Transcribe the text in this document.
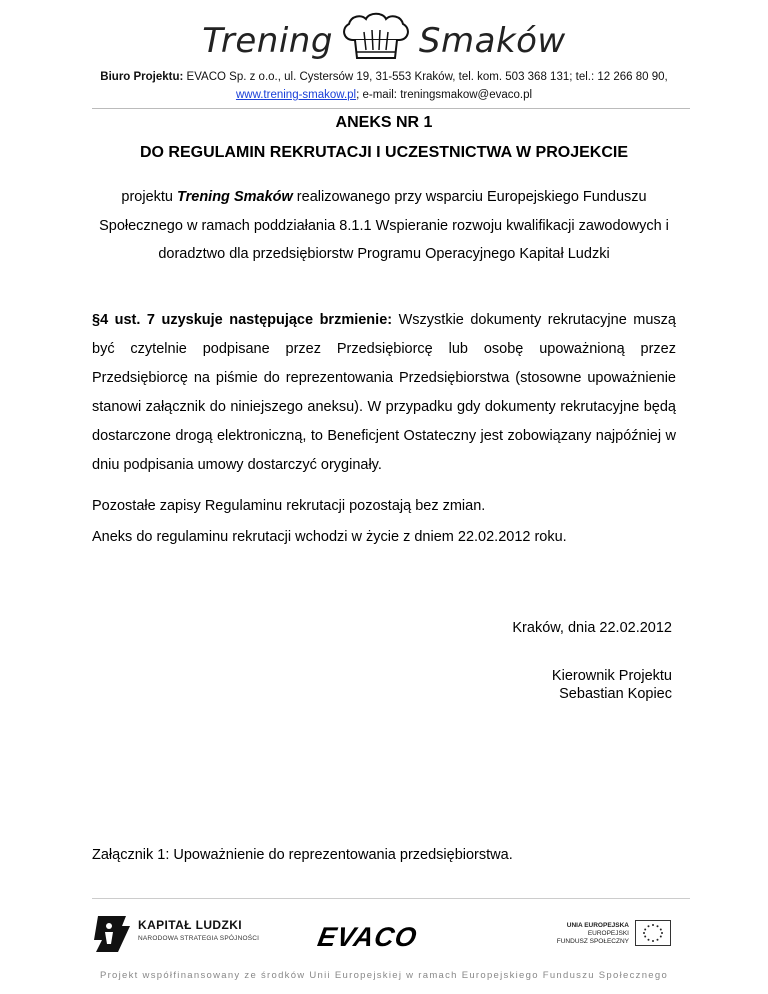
Trening	Smaków
Biuro Projektu: EVACO Sp. z o.o., ul. Cystersów 19, 31-553 Kraków, tel. kom. 503 368 131; tel.: 12 266 80 90,
www.trening-smakow.pl; e-mail: treningsmakow@evaco.pl
ANEKS NR 1
DO REGULAMIN REKRUTACJI I UCZESTNICTWA W PROJEKCIE
projektu Trening Smaków realizowanego przy wsparciu Europejskiego Funduszu Społecznego w ramach poddziałania 8.1.1 Wspieranie rozwoju kwalifikacji zawodowych i doradztwo dla przedsiębiorstw Programu Operacyjnego Kapitał Ludzki
§4 ust. 7 uzyskuje następujące brzmienie: Wszystkie dokumenty rekrutacyjne muszą być czytelnie podpisane przez Przedsiębiorcę lub osobę upoważnioną przez Przedsiębiorcę na piśmie do reprezentowania Przedsiębiorstwa (stosowne upoważnienie stanowi załącznik do niniejszego aneksu). W przypadku gdy dokumenty rekrutacyjne będą dostarczone drogą elektroniczną, to Beneficjent Ostateczny jest zobowiązany najpóźniej w dniu podpisania umowy dostarczyć oryginały.
Pozostałe zapisy Regulaminu rekrutacji pozostają bez zmian.
Aneks do regulaminu rekrutacji wchodzi w życie z dniem 22.02.2012 roku.
Kraków, dnia 22.02.2012
Kierownik Projektu
Sebastian Kopiec
Załącznik 1: Upoważnienie do reprezentowania przedsiębiorstwa.
KAPITAŁ LUDZKI
NARODOWA STRATEGIA SPÓJNOŚCI EVACO	UNIA EUROPEJSKA
EUROPEJSKI
FUNDUSZ SPOŁECZNY
Projekt współfinansowany ze środków Unii Europejskiej w ramach Europejskiego Funduszu Społecznego
